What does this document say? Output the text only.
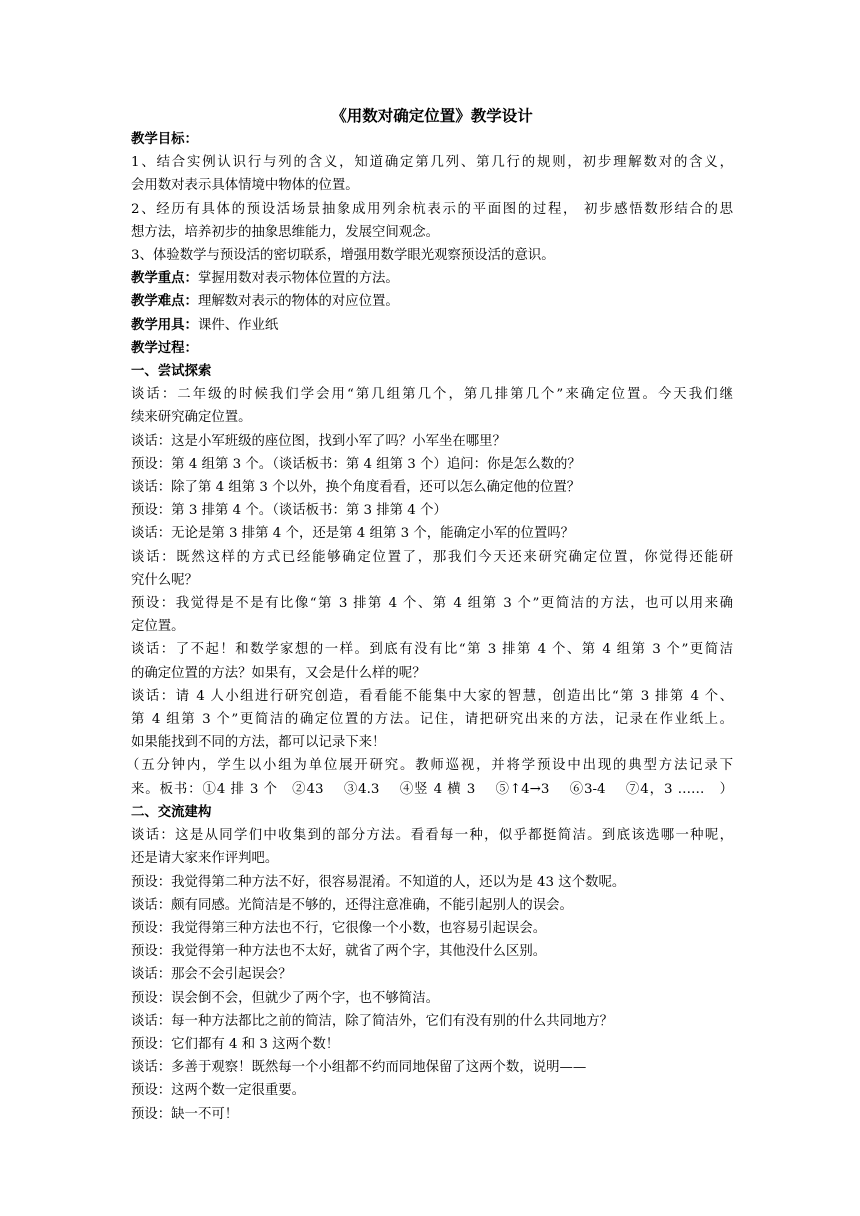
《用数对确定位置》教学设计
教学目标：
1、结合实例认识行与列的含义，知道确定第几列、第几行的规则，初步理解数对的含义，
会用数对表示具体情境中物体的位置。
2、经历有具体的预设活场景抽象成用列余杭表示的平面图的过程， 初步感悟数形结合的思
想方法，培养初步的抽象思维能力，发展空间观念。
3、体验数学与预设活的密切联系，增强用数学眼光观察预设活的意识。
教学重点：掌握用数对表示物体位置的方法。
教学难点：理解数对表示的物体的对应位置。
教学用具：课件、作业纸
教学过程：
一、尝试探索
谈话：二年级的时候我们学会用“第几组第几个，第几排第几个”来确定位置。今天我们继
续来研究确定位置。
谈话：这是小军班级的座位图，找到小军了吗？小军坐在哪里？
预设：第 4 组第 3 个。（谈话板书：第 4 组第 3 个）追问：你是怎么数的？
谈话：除了第 4 组第 3 个以外，换个角度看看，还可以怎么确定他的位置？
预设：第 3 排第 4 个。（谈话板书：第 3 排第 4 个）
谈话：无论是第 3 排第 4 个，还是第 4 组第 3 个，能确定小军的位置吗？
谈话：既然这样的方式已经能够确定位置了，那我们今天还来研究确定位置，你觉得还能研
究什么呢？
预设：我觉得是不是有比像“第 3 排第 4 个、第 4 组第 3 个”更简洁的方法，也可以用来确
定位置。
谈话：了不起！和数学家想的一样。到底有没有比“第 3 排第 4 个、第 4 组第 3 个”更简洁
的确定位置的方法？如果有，又会是什么样的呢？
谈话：请 4 人小组进行研究创造，看看能不能集中大家的智慧，创造出比“第 3 排第 4 个、
第 4 组第 3 个”更简洁的确定位置的方法。记住，请把研究出来的方法，记录在作业纸上。
如果能找到不同的方法，都可以记录下来！
（五分钟内，学生以小组为单位展开研究。教师巡视，并将学预设中出现的典型方法记录下
来。板书：①4 排 3 个　②43　 ③4.3　 ④竖 4 横 3　 ⑤↑4→3　 ⑥3-4　 ⑦4，3 ……　）
二、交流建构
谈话：这是从同学们中收集到的部分方法。看看每一种，似乎都挺简洁。到底该选哪一种呢，
还是请大家来作评判吧。
预设：我觉得第二种方法不好，很容易混淆。不知道的人，还以为是 43 这个数呢。
谈话：颇有同感。光简洁是不够的，还得注意准确，不能引起别人的误会。
预设：我觉得第三种方法也不行，它很像一个小数，也容易引起误会。
预设：我觉得第一种方法也不太好，就省了两个字，其他没什么区别。
谈话：那会不会引起误会？
预设：误会倒不会，但就少了两个字，也不够简洁。
谈话：每一种方法都比之前的简洁，除了简洁外，它们有没有别的什么共同地方？
预设：它们都有 4 和 3 这两个数！
谈话：多善于观察！既然每一个小组都不约而同地保留了这两个数，说明——
预设：这两个数一定很重要。
预设：缺一不可！
